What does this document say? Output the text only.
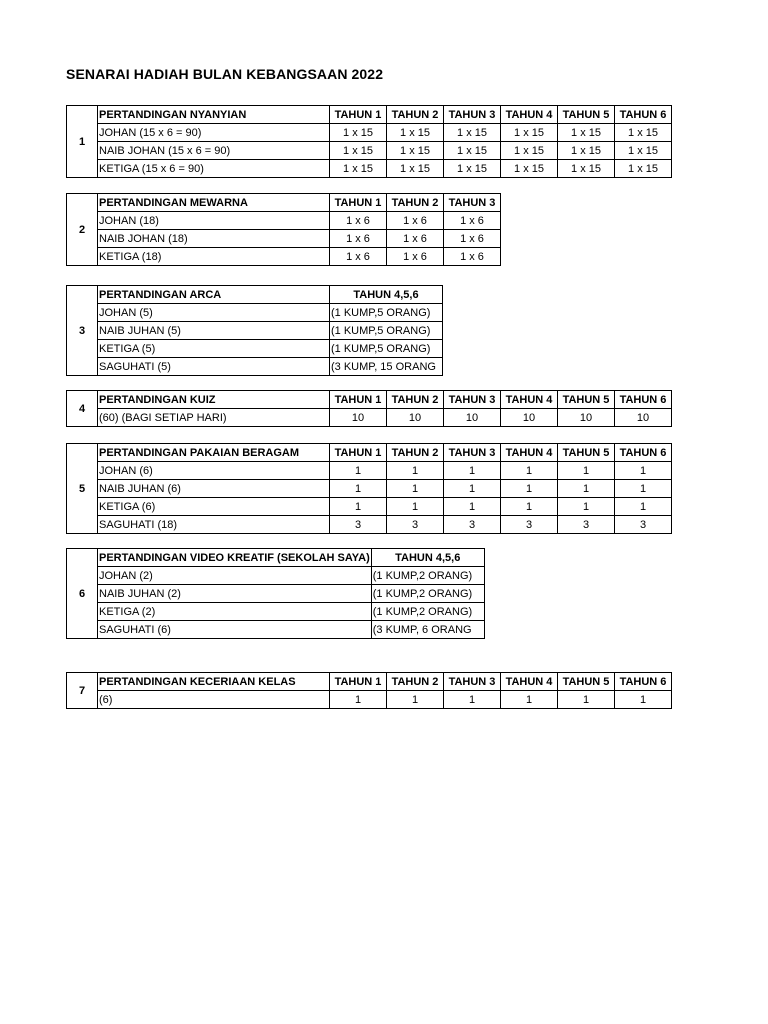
SENARAI HADIAH BULAN KEBANGSAAN 2022
1	PERTANDINGAN NYANYIAN	TAHUN 1	TAHUN 2	TAHUN 3	TAHUN 4	TAHUN 5	TAHUN 6
	JOHAN (15 x 6 = 90)	1 x 15	1 x 15	1 x 15	1 x 15	1 x 15	1 x 15
	NAIB JOHAN (15 x 6 = 90)	1 x 15	1 x 15	1 x 15	1 x 15	1 x 15	1 x 15
	KETIGA (15 x 6 = 90)	1 x 15	1 x 15	1 x 15	1 x 15	1 x 15	1 x 15
2	PERTANDINGAN MEWARNA	TAHUN 1	TAHUN 2	TAHUN 3
	JOHAN (18)	1 x 6	1 x 6	1 x 6
	NAIB JOHAN (18)	1 x 6	1 x 6	1 x 6
	KETIGA (18)	1 x 6	1 x 6	1 x 6
3	PERTANDINGAN ARCA	TAHUN 4,5,6
	JOHAN (5)	(1 KUMP,5 ORANG)
	NAIB JUHAN (5)	(1 KUMP,5 ORANG)
	KETIGA (5)	(1 KUMP,5 ORANG)
	SAGUHATI (5)	(3 KUMP, 15 ORANG
4	PERTANDINGAN KUIZ	TAHUN 1	TAHUN 2	TAHUN 3	TAHUN 4	TAHUN 5	TAHUN 6
	(60) (BAGI SETIAP HARI)	10	10	10	10	10	10
5	PERTANDINGAN PAKAIAN BERAGAM	TAHUN 1	TAHUN 2	TAHUN 3	TAHUN 4	TAHUN 5	TAHUN 6
	JOHAN (6)	1	1	1	1	1	1
	NAIB JUHAN (6)	1	1	1	1	1	1
	KETIGA (6)	1	1	1	1	1	1
	SAGUHATI (18)	3	3	3	3	3	3
6	PERTANDINGAN VIDEO KREATIF (SEKOLAH SAYA)	TAHUN 4,5,6
	JOHAN (2)	(1 KUMP,2 ORANG)
	NAIB JUHAN (2)	(1 KUMP,2 ORANG)
	KETIGA (2)	(1 KUMP,2 ORANG)
	SAGUHATI (6)	(3 KUMP, 6 ORANG
7	PERTANDINGAN KECERIAAN KELAS	TAHUN 1	TAHUN 2	TAHUN 3	TAHUN 4	TAHUN 5	TAHUN 6
	(6)	1	1	1	1	1	1
